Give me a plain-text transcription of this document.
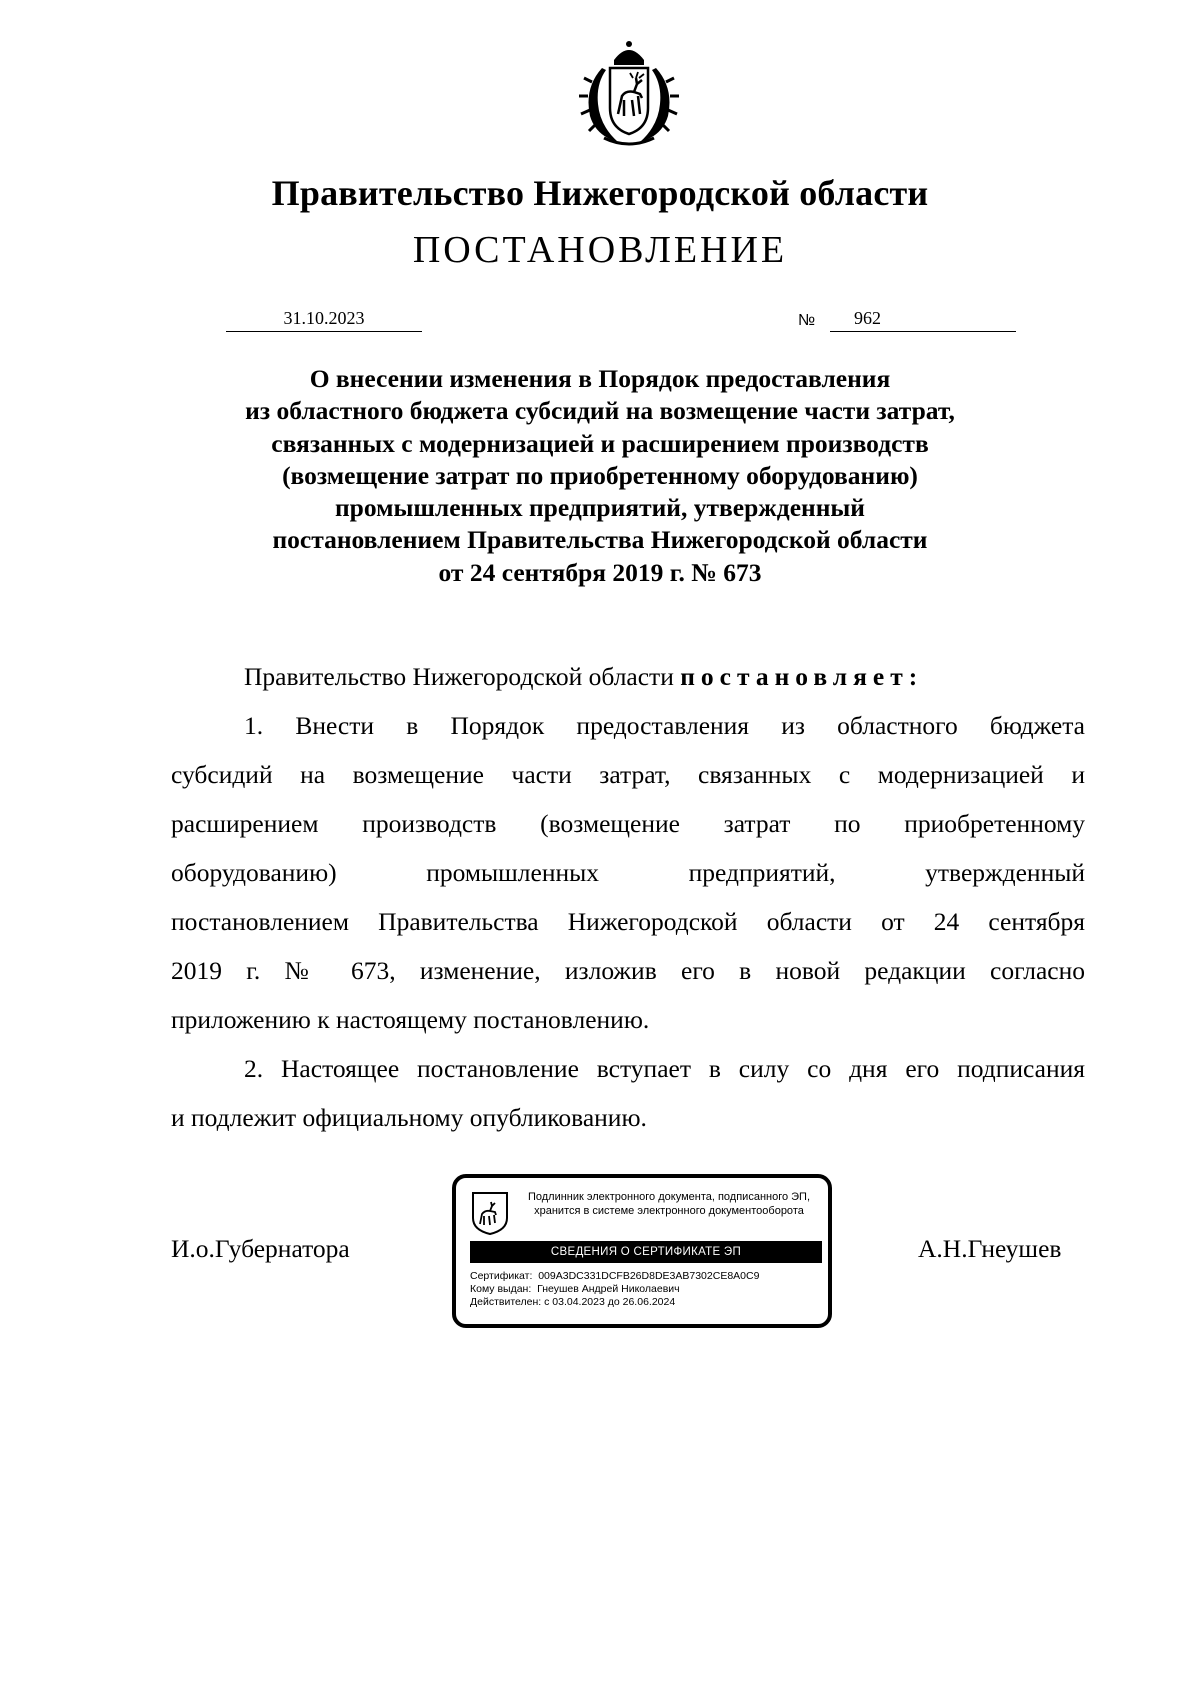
Правительство Нижегородской области
ПОСТАНОВЛЕНИЕ
31.10.2023	№	962
О внесении изменения в Порядок предоставления
из областного бюджета субсидий на возмещение части затрат,
связанных с модернизацией и расширением производств
(возмещение затрат по приобретенному оборудованию)
промышленных предприятий, утвержденный
постановлением Правительства Нижегородской области
от 24 сентября 2019 г. № 673
Правительство Нижегородской области постановляет:
1. Внести в Порядок предоставления из областного бюджета
субсидий на возмещение части затрат, связанных с модернизацией и
расширением производств (возмещение затрат по приобретенному
оборудованию) промышленных предприятий, утвержденный
постановлением Правительства Нижегородской области от 24 сентября
2019 г. № 673, изменение, изложив его в новой редакции согласно
приложению к настоящему постановлению.
2. Настоящее постановление вступает в силу со дня его подписания
и подлежит официальному опубликованию.
И.о.Губернатора	А.Н.Гнеушев
Подлинник электронного документа, подписанного ЭП,
хранится в системе электронного документооборота
СВЕДЕНИЯ О СЕРТИФИКАТЕ ЭП
Сертификат: 009A3DC331DCFB26D8DE3AB7302CE8A0C9
Кому выдан: Гнеушев Андрей Николаевич
Действителен: с 03.04.2023 до 26.06.2024
